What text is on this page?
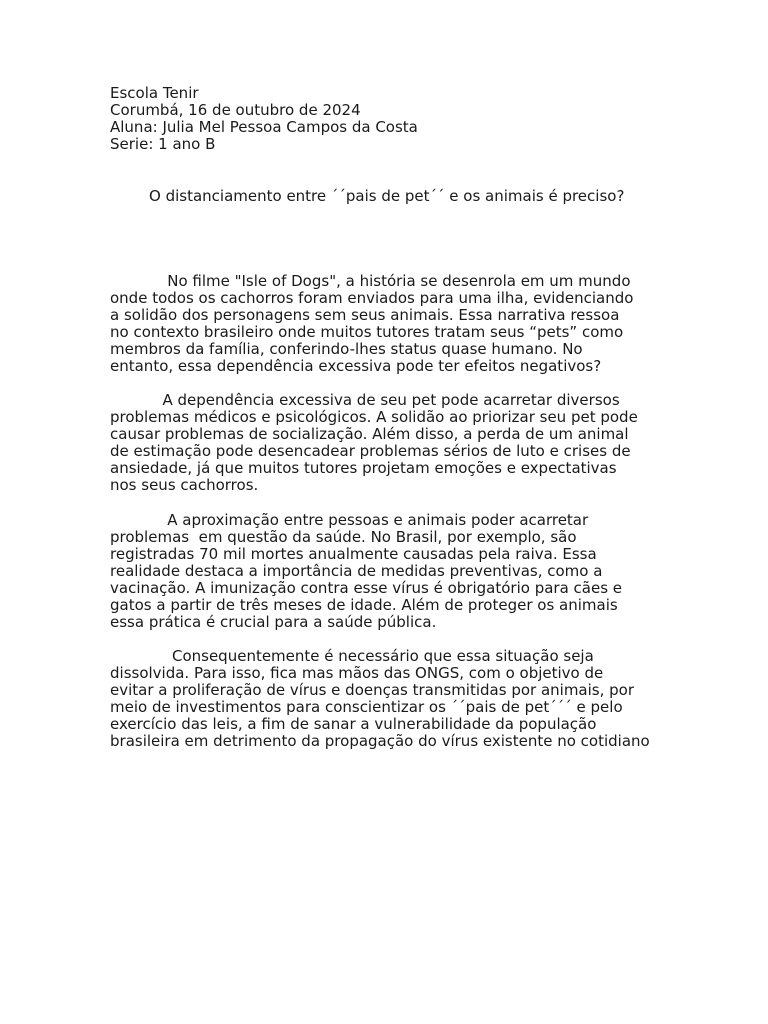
Escola Tenir
Corumbá, 16 de outubro de 2024
Aluna: Julia Mel Pessoa Campos da Costa
Serie: 1 ano B
O distanciamento entre ´´pais de pet´´ e os animais é preciso?
No filme "Isle of Dogs", a história se desenrola em um mundo
onde todos os cachorros foram enviados para uma ilha, evidenciando
a solidão dos personagens sem seus animais. Essa narrativa ressoa
no contexto brasileiro onde muitos tutores tratam seus “pets” como
membros da família, conferindo-lhes status quase humano. No
entanto, essa dependência excessiva pode ter efeitos negativos?
A dependência excessiva de seu pet pode acarretar diversos
problemas médicos e psicológicos. A solidão ao priorizar seu pet pode
causar problemas de socialização. Além disso, a perda de um animal
de estimação pode desencadear problemas sérios de luto e crises de
ansiedade, já que muitos tutores projetam emoções e expectativas
nos seus cachorros.
A aproximação entre pessoas e animais poder acarretar
problemas  em questão da saúde. No Brasil, por exemplo, são
registradas 70 mil mortes anualmente causadas pela raiva. Essa
realidade destaca a importância de medidas preventivas, como a
vacinação. A imunização contra esse vírus é obrigatório para cães e
gatos a partir de três meses de idade. Além de proteger os animais
essa prática é crucial para a saúde pública.
Consequentemente é necessário que essa situação seja
dissolvida. Para isso, fica mas mãos das ONGS, com o objetivo de
evitar a proliferação de vírus e doenças transmitidas por animais, por
meio de investimentos para conscientizar os ´´pais de pet´´´ e pelo
exercício das leis, a fim de sanar a vulnerabilidade da população
brasileira em detrimento da propagação do vírus existente no cotidiano
